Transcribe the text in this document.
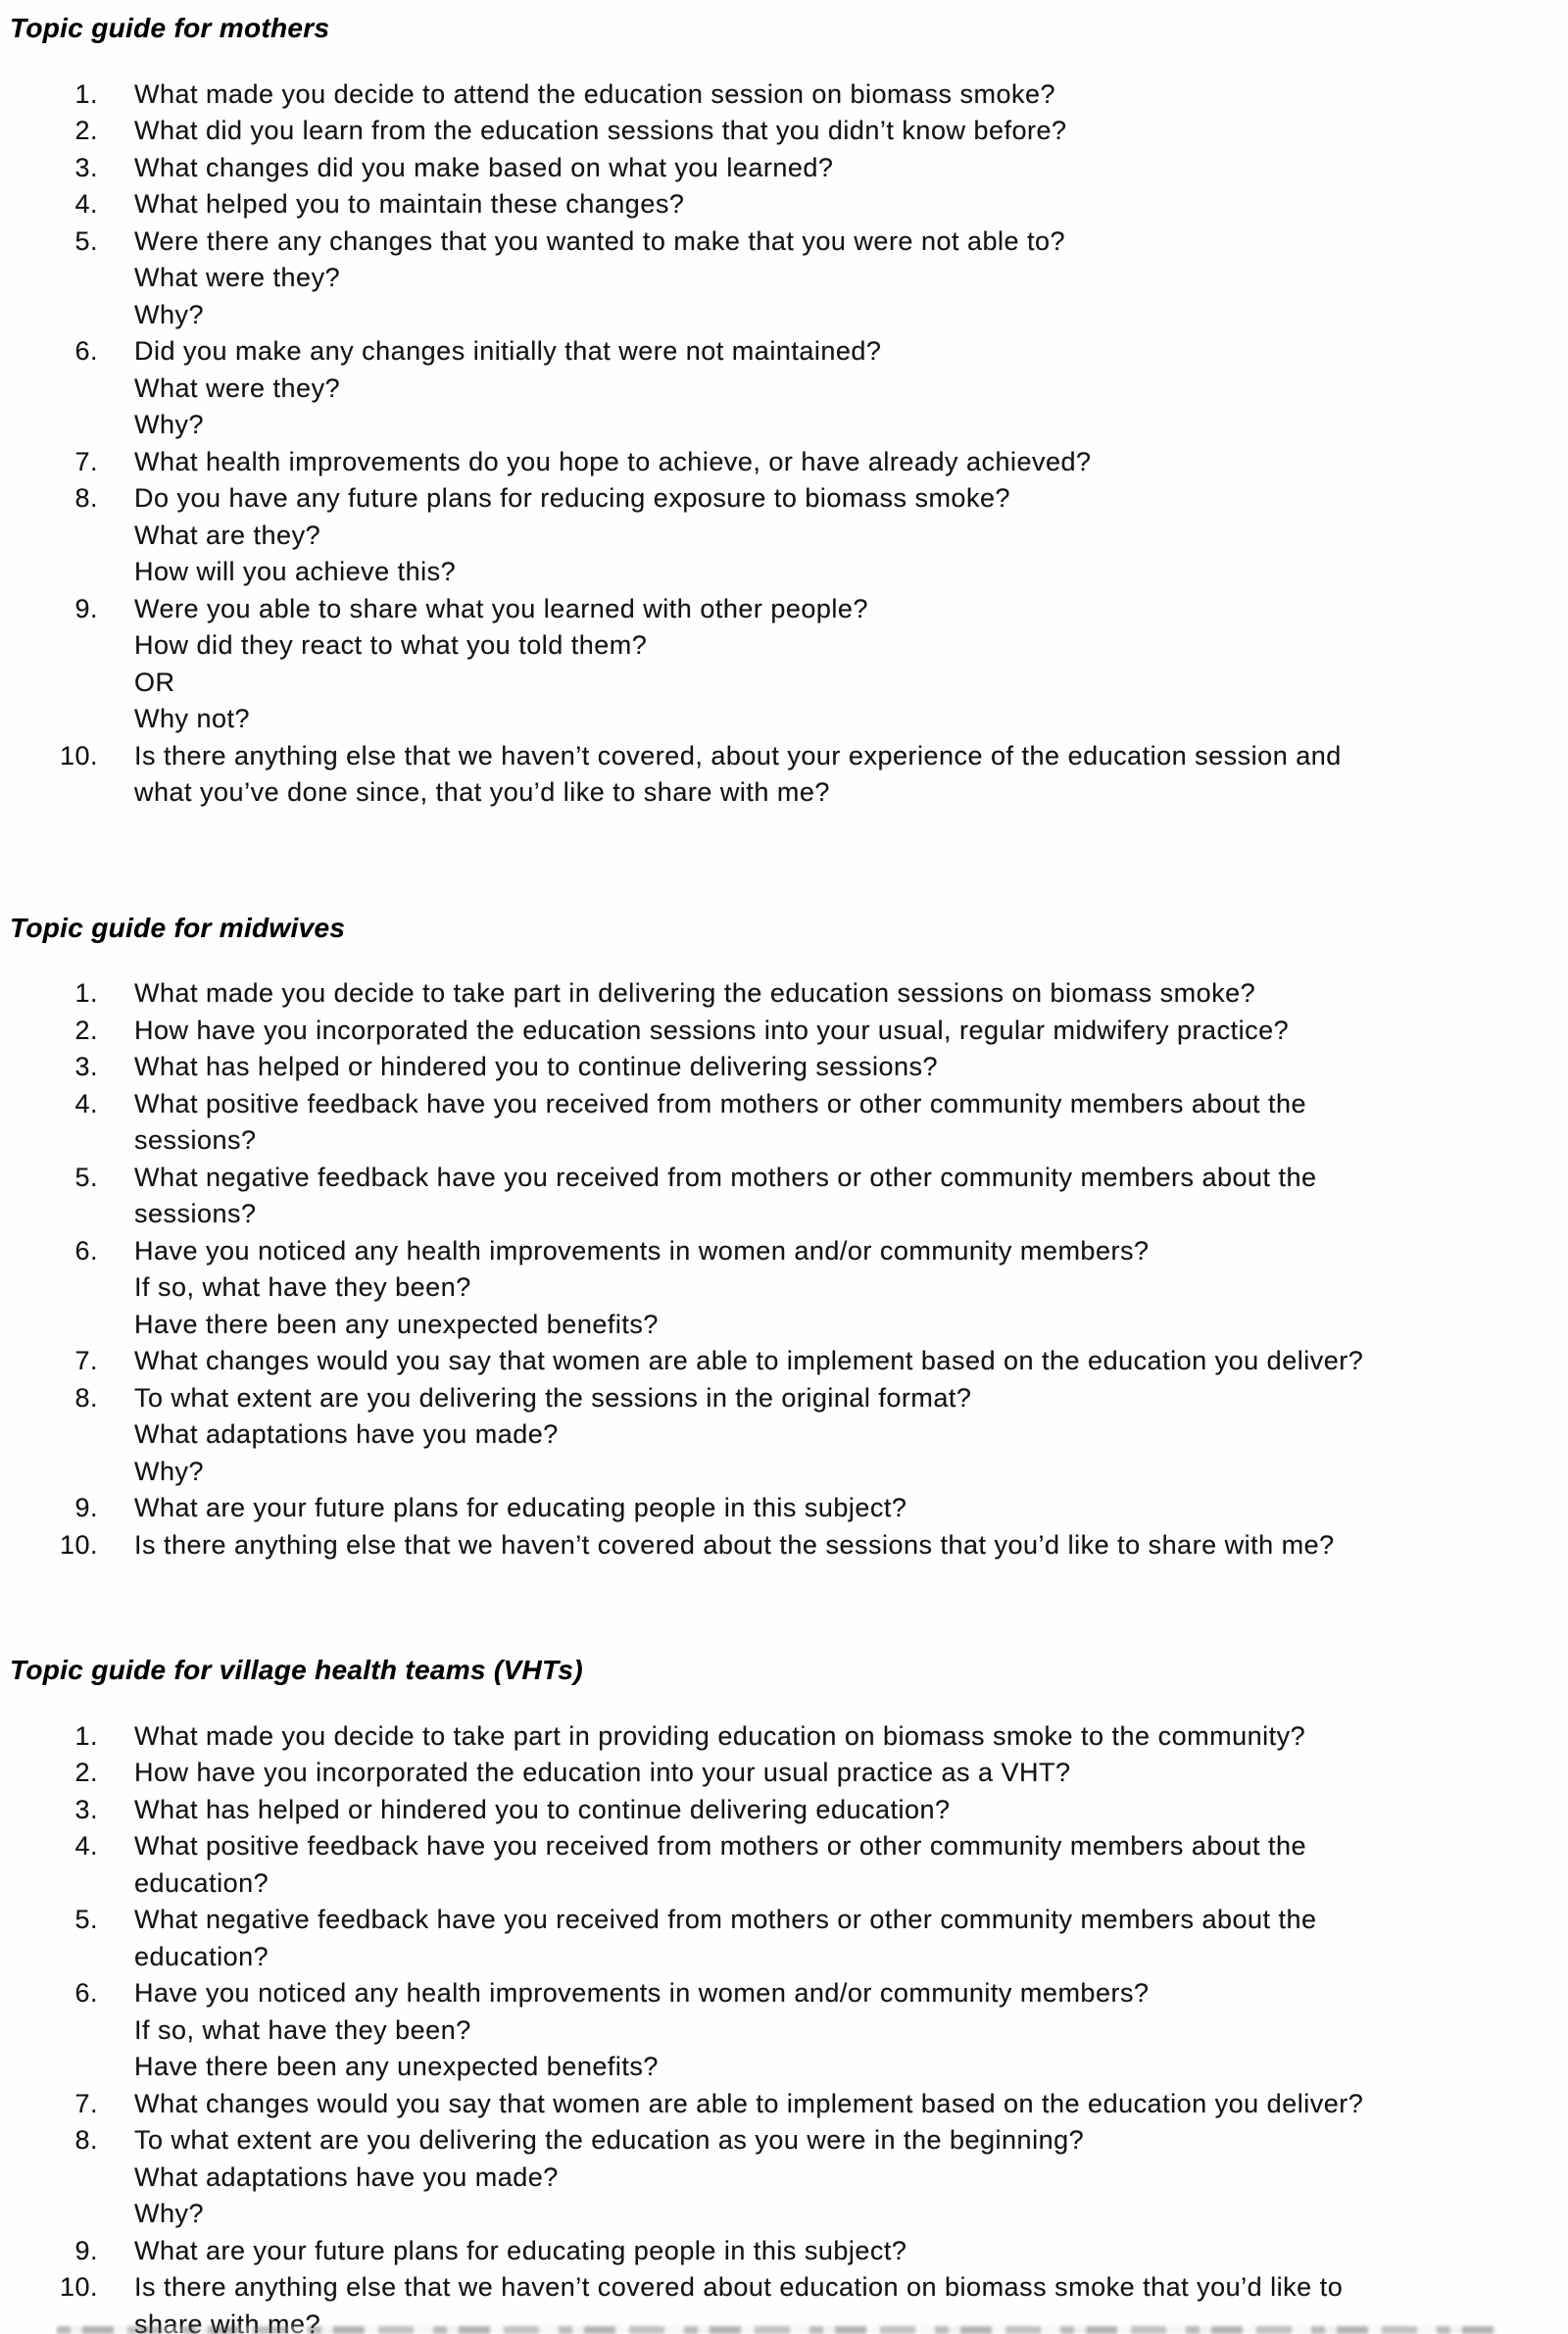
Topic guide for mothers
1.	What made you decide to attend the education session on biomass smoke?
2.	What did you learn from the education sessions that you didn’t know before?
3.	What changes did you make based on what you learned?
4.	What helped you to maintain these changes?
5.	Were there any changes that you wanted to make that you were not able to?
What were they?
Why?
6.	Did you make any changes initially that were not maintained?
What were they?
Why?
7.	What health improvements do you hope to achieve, or have already achieved?
8.	Do you have any future plans for reducing exposure to biomass smoke?
What are they?
How will you achieve this?
9.	Were you able to share what you learned with other people?
How did they react to what you told them?
OR
Why not?
10.	Is there anything else that we haven’t covered, about your experience of the education session and
what you’ve done since, that you’d like to share with me?
Topic guide for midwives
1.	What made you decide to take part in delivering the education sessions on biomass smoke?
2.	How have you incorporated the education sessions into your usual, regular midwifery practice?
3.	What has helped or hindered you to continue delivering sessions?
4.	What positive feedback have you received from mothers or other community members about the
sessions?
5.	What negative feedback have you received from mothers or other community members about the
sessions?
6.	Have you noticed any health improvements in women and/or community members?
If so, what have they been?
Have there been any unexpected benefits?
7.	What changes would you say that women are able to implement based on the education you deliver?
8.	To what extent are you delivering the sessions in the original format?
What adaptations have you made?
Why?
9.	What are your future plans for educating people in this subject?
10.	Is there anything else that we haven’t covered about the sessions that you’d like to share with me?
Topic guide for village health teams (VHTs)
1.	What made you decide to take part in providing education on biomass smoke to the community?
2.	How have you incorporated the education into your usual practice as a VHT?
3.	What has helped or hindered you to continue delivering education?
4.	What positive feedback have you received from mothers or other community members about the
education?
5.	What negative feedback have you received from mothers or other community members about the
education?
6.	Have you noticed any health improvements in women and/or community members?
If so, what have they been?
Have there been any unexpected benefits?
7.	What changes would you say that women are able to implement based on the education you deliver?
8.	To what extent are you delivering the education as you were in the beginning?
What adaptations have you made?
Why?
9.	What are your future plans for educating people in this subject?
10.	Is there anything else that we haven’t covered about education on biomass smoke that you’d like to
share with me?
